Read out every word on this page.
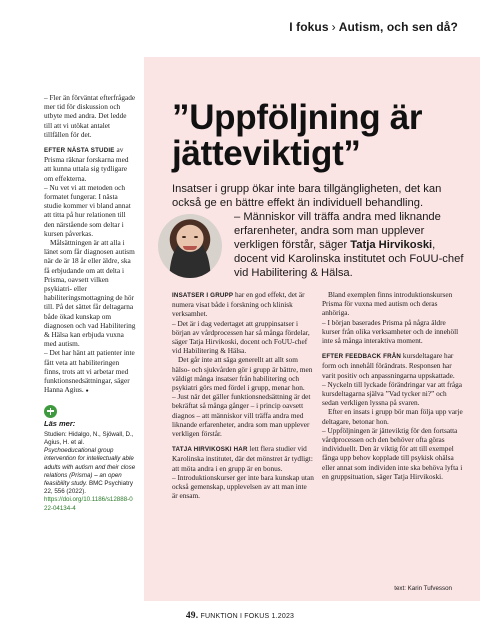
I fokus › Autism, och sen då?

– Fler än förväntat efterfrågade mer tid för diskussion och utbyte med andra. Det ledde till att vi utökat antalet tillfällen för det.

EFTER NÄSTA STUDIE av Prisma räknar forskarna med att kunna uttala sig tydligare om effekterna.

– Nu vet vi att metoden och formatet fungerar. I nästa studie kommer vi bland annat att titta på hur relationen till den närstående som deltar i kursen påverkas.

Målsättningen är att alla i länet som får diagnosen autism när de är 18 år eller äldre, ska få erbjudande om att delta i Prisma, oavsett vilken psykiatri- eller habiliteringsmottagning de hör till. På det sättet får deltagarna både ökad kunskap om diagnosen och vad Habilitering & Hälsa kan erbjuda vuxna med autism.

– Det har hänt att patienter inte fått veta att habiliteringen finns, trots att vi arbetar med funktionsnedsättningar, säger Hanna Agius. ●

Läs mer:
Studien: Hidalgo, N., Sjöwall, D., Agius, H. et al. Psychoeducational group intervention for intellectually able adults with autism and their close relations (Prisma) – an open feasibility study. BMC Psychiatry 22, 556 (2022).
https://doi.org/10.1186/s12888-022-04134-4
”Uppföljning är jätteviktigt”
Insatser i grupp ökar inte bara tillgängligheten, det kan också ge en bättre effekt än individuell behandling.
– Människor vill träffa andra med liknande erfarenheter, andra som man upplever verkligen förstår, säger Tatja Hirvikoski, docent vid Karolinska institutet och FoUU-chef vid Habilitering & Hälsa.

INSATSER I GRUPP har en god effekt, det är numera visat både i forskning och klinisk verksamhet.

– Det är i dag vedertaget att gruppinsatser i början av vårdprocessen har så många fördelar, säger Tatja Hirvikoski, docent och FoUU-chef vid Habilitering & Hälsa.

Det går inte att säga generellt att allt som hälso- och sjukvården gör i grupp är bättre, men väldigt många insatser från habilitering och psykiatri görs med fördel i grupp, menar hon.

– Just när det gäller funktionsnedsättning är det bekräftat så många gånger – i princip oavsett diagnos – att människor vill träffa andra med liknande erfarenheter, andra som man upplever verkligen förstår.

TATJA HIRVIKOSKI HAR lett flera studier vid Karolinska institutet, där det mönstret är tydligt: att möta andra i en grupp är en bonus.

– Introduktionskurser ger inte bara kunskap utan också gemenskap, upplevelsen av att man inte är ensam.

Bland exemplen finns introduktionskursen Prisma för vuxna med autism och deras anhöriga.

– I början baserades Prisma på några äldre kurser från olika verksamheter och de innehöll inte så många interaktiva moment.

EFTER FEEDBACK FRÅN kursdeltagare har form och innehåll förändrats. Responsen har varit positiv och anpassningarna uppskattade.

– Nyckeln till lyckade förändringar var att fråga kursdeltagarna själva ”Vad tycker ni?” och sedan verkligen lyssna på svaren.

Efter en insats i grupp bör man följa upp varje deltagare, betonar hon.

– Uppföljningen är jätteviktig för den fortsatta vårdprocessen och den behöver ofta göras individuellt. Den är viktig för att till exempel fånga upp behov kopplade till psykisk ohälsa eller annat som individen inte ska behöva lyfta i en gruppsituation, säger Tatja Hirvikoski.

text: Karin Tufvesson
49. FUNKTION I FOKUS 1.2023
